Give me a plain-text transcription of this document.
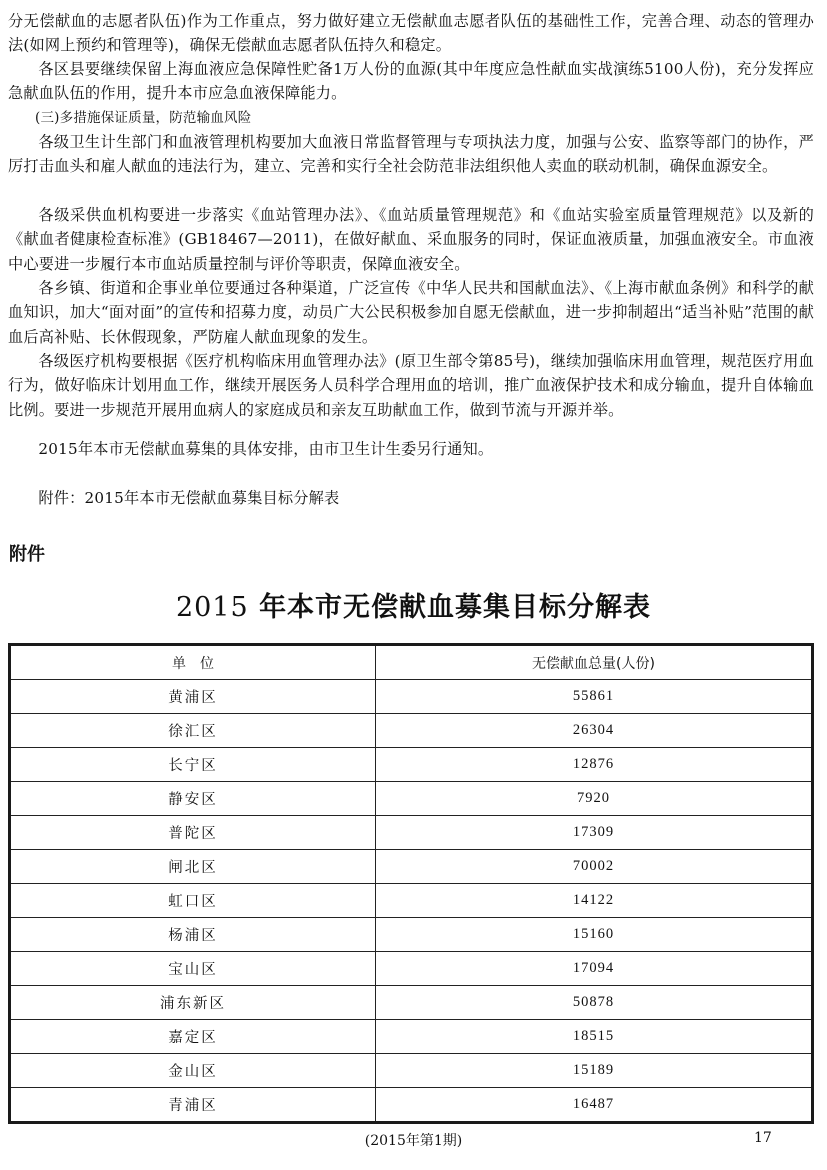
分无偿献血的志愿者队伍)作为工作重点，努力做好建立无偿献血志愿者队伍的基础性工作，完善合理、动态的管理办法(如网上预约和管理等)，确保无偿献血志愿者队伍持久和稳定。

各区县要继续保留上海血液应急保障性贮备1万人份的血源(其中年度应急性献血实战演练5100人份)，充分发挥应急献血队伍的作用，提升本市应急血液保障能力。

(三)多措施保证质量，防范输血风险

各级卫生计生部门和血液管理机构要加大血液日常监督管理与专项执法力度，加强与公安、监察等部门的协作，严厉打击血头和雇人献血的违法行为，建立、完善和实行全社会防范非法组织他人卖血的联动机制，确保血源安全。

各级采供血机构要进一步落实《血站管理办法》、《血站质量管理规范》和《血站实验室质量管理规范》以及新的《献血者健康检查标准》(GB18467—2011)，在做好献血、采血服务的同时，保证血液质量，加强血液安全。市血液中心要进一步履行本市血站质量控制与评价等职责，保障血液安全。

各乡镇、街道和企事业单位要通过各种渠道，广泛宣传《中华人民共和国献血法》、《上海市献血条例》和科学的献血知识，加大“面对面”的宣传和招募力度，动员广大公民积极参加自愿无偿献血，进一步抑制超出“适当补贴”范围的献血后高补贴、长休假现象，严防雇人献血现象的发生。

各级医疗机构要根据《医疗机构临床用血管理办法》(原卫生部令第85号)，继续加强临床用血管理，规范医疗用血行为，做好临床计划用血工作，继续开展医务人员科学合理用血的培训，推广血液保护技术和成分输血，提升自体输血比例。要进一步规范开展用血病人的家庭成员和亲友互助献血工作，做到节流与开源并举。

2015年本市无偿献血募集的具体安排，由市卫生计生委另行通知。

附件：2015年本市无偿献血募集目标分解表

附件

2015 年本市无偿献血募集目标分解表
单　位	无偿献血总量(人份)
黄浦区	55861
徐汇区	26304
长宁区	12876
静安区	7920
普陀区	17309
闸北区	70002
虹口区	14122
杨浦区	15160
宝山区	17094
浦东新区	50878
嘉定区	18515
金山区	15189
青浦区	16487

(2015年第1期)	17
